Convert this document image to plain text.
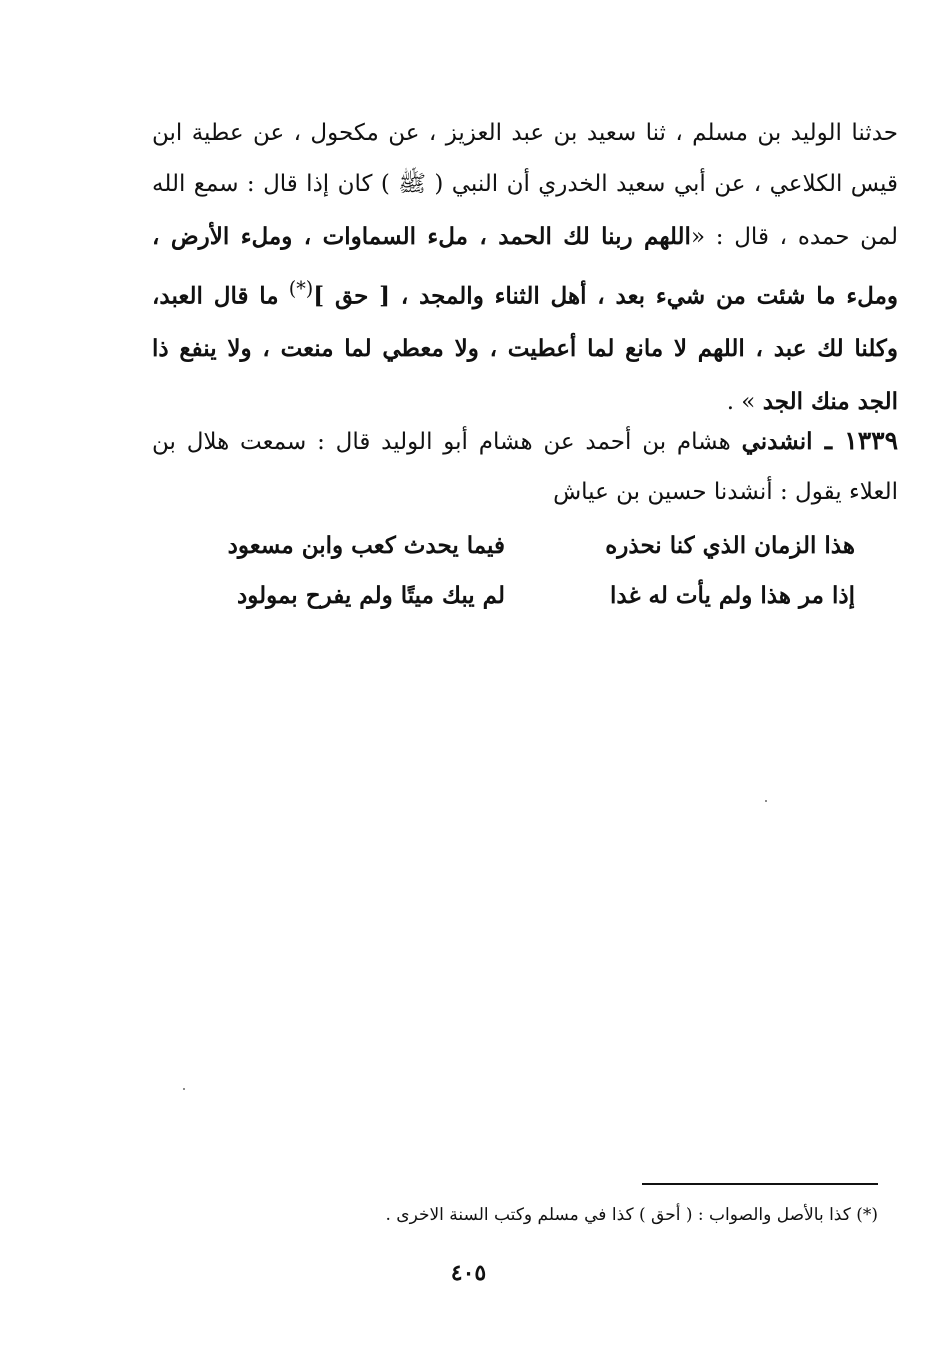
حدثنا الوليد بن مسلم ، ثنا سعيد بن عبد العزيز ، عن مكحول ، عن عطية ابن قيس الكلاعي ، عن أبي سعيد الخدري أن النبي ( ﷺ ) كان إذا قال : سمع الله لمن حمده ، قال : «اللهم ربنا لك الحمد ، ملء السماوات ، وملء الأرض ، وملء ما شئت من شيء بعد ، أهل الثناء والمجد ، [ حق ](*) ما قال العبد، وكلنا لك عبد ، اللهم لا مانع لما أعطيت ، ولا معطي لما منعت ، ولا ينفع ذا الجد منك الجد » .
١٣٣٩ ـ انشدني هشام بن أحمد عن هشام أبو الوليد قال : سمعت هلال بن العلاء يقول : أنشدنا حسين بن عياش
هذا الزمان الذي كنا نحذره
فيما يحدث كعب وابن مسعود
إذا مر هذا ولم يأت له غدا
لم يبك ميتًا ولم يفرح بمولود
(*) كذا بالأصل والصواب : ( أحق ) كذا في مسلم وكتب السنة الاخرى .
٤٠٥
